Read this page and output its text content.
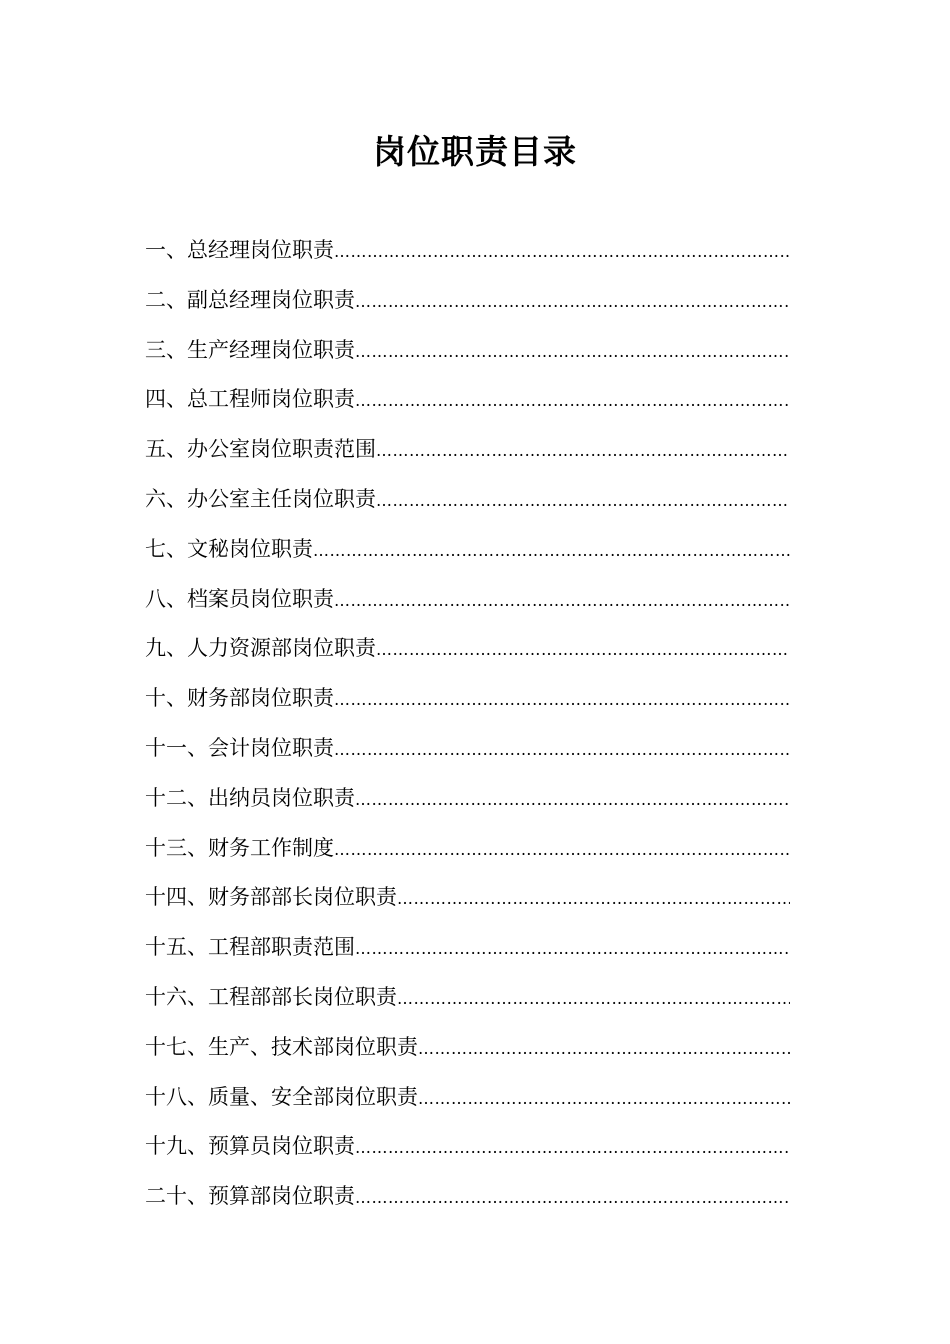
岗位职责目录
一、总经理岗位职责
……………………………………………………………………………………………………………………………………………………
二、副总经理岗位职责
……………………………………………………………………………………………………………………………………………………
三、生产经理岗位职责
……………………………………………………………………………………………………………………………………………………
四、总工程师岗位职责
……………………………………………………………………………………………………………………………………………………
五、办公室岗位职责范围
……………………………………………………………………………………………………………………………………………………
六、办公室主任岗位职责
……………………………………………………………………………………………………………………………………………………
七、文秘岗位职责
……………………………………………………………………………………………………………………………………………………
八、档案员岗位职责
……………………………………………………………………………………………………………………………………………………
九、人力资源部岗位职责
……………………………………………………………………………………………………………………………………………………
十、财务部岗位职责
……………………………………………………………………………………………………………………………………………………
十一、会计岗位职责
……………………………………………………………………………………………………………………………………………………
十二、出纳员岗位职责
……………………………………………………………………………………………………………………………………………………
十三、财务工作制度
……………………………………………………………………………………………………………………………………………………
十四、财务部部长岗位职责
……………………………………………………………………………………………………………………………………………………
十五、工程部职责范围
……………………………………………………………………………………………………………………………………………………
十六、工程部部长岗位职责
……………………………………………………………………………………………………………………………………………………
十七、生产、技术部岗位职责
……………………………………………………………………………………………………………………………………………………
十八、质量、安全部岗位职责
……………………………………………………………………………………………………………………………………………………
十九、预算员岗位职责
……………………………………………………………………………………………………………………………………………………
二十、预算部岗位职责
……………………………………………………………………………………………………………………………………………………
